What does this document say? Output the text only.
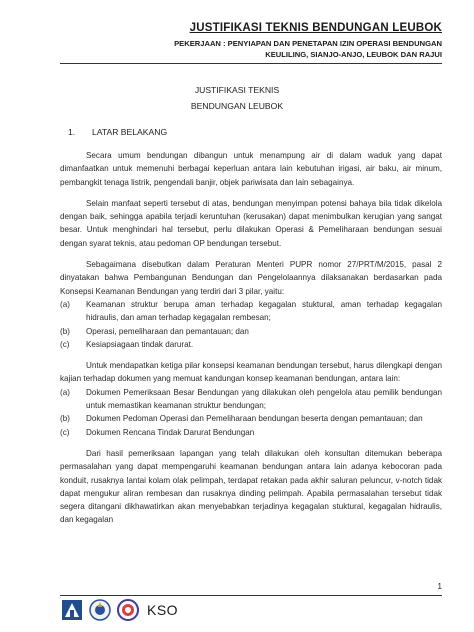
JUSTIFIKASI TEKNIS BENDUNGAN LEUBOK
PEKERJAAN : PENYIAPAN DAN PENETAPAN IZIN OPERASI BENDUNGAN
KEULILING, SIANJO-ANJO, LEUBOK DAN RAJUI
JUSTIFIKASI TEKNIS
BENDUNGAN LEUBOK
1. LATAR BELAKANG

Secara umum bendungan dibangun untuk menampung air di dalam waduk yang dapat dimanfaatkan untuk memenuhi berbagai keperluan antara lain kebutuhan irigasi, air baku, air minum, pembangkit tenaga listrik, pengendali banjir, objek pariwisata dan lain sebagainya.

Selain manfaat seperti tersebut di atas, bendungan menyimpan potensi bahaya bila tidak dikelola dengan baik, sehingga apabila terjadi keruntuhan (kerusakan) dapat menimbulkan kerugian yang sangat besar. Untuk menghindari hal tersebut, perlu dilakukan Operasi & Pemeliharaan bendungan sesuai dengan syarat teknis, atau pedoman OP bendungan tersebut.

Sebagaimana disebutkan dalam Peraturan Menteri PUPR nomor 27/PRT/M/2015, pasal 2 dinyatakan bahwa Pembangunan Bendungan dan Pengelolaannya dilaksanakan berdasarkan pada Konsepsi Keamanan Bendungan yang terdiri dari 3 pilar, yaitu:

(a)	Keamanan struktur berupa aman terhadap kegagalan stuktural, aman terhadap kegagalan hidraulis, dan aman terhadap kegagalan rembesan;
(b)	Operasi, pemeliharaan dan pemantauan; dan
(c)	Kesiapsiagaan tindak darurat.

Untuk mendapatkan ketiga pilar konsepsi keamanan bendungan tersebut, harus dilengkapi dengan kajian terhadap dokumen yang memuat kandungan konsep keamanan bendungan, antara lain:

(a)	Dokumen Pemeriksaan Besar Bendungan yang dilakukan oleh pengelola atau pemilik bendungan untuk memastikan keamanan struktur bendungan;
(b)	Dokumen Pedoman Operasi dan Pemeliharaan bendungan beserta dengan pemantauan; dan
(c)	Dokumen Rencana Tindak Darurat Bendungan

Dari hasil pemeriksaan lapangan yang telah dilakukan oleh konsultan ditemukan beberapa permasalahan yang dapat mempengaruhi keamanan bendungan antara lain adanya kebocoran pada konduit, rusaknya lantai kolam olak pelimpah, terdapat retakan pada akhir saluran peluncur, v-notch tidak dapat mengukur aliran rembesan dan rusaknya dinding pelimpah. Apabila permasalahan tersebut tidak segera ditangani dikhawatirkan akan menyebabkan terjadinya kegagalan stuktural, kegagalan hidraulis, dan kegagalan

1
KSO
